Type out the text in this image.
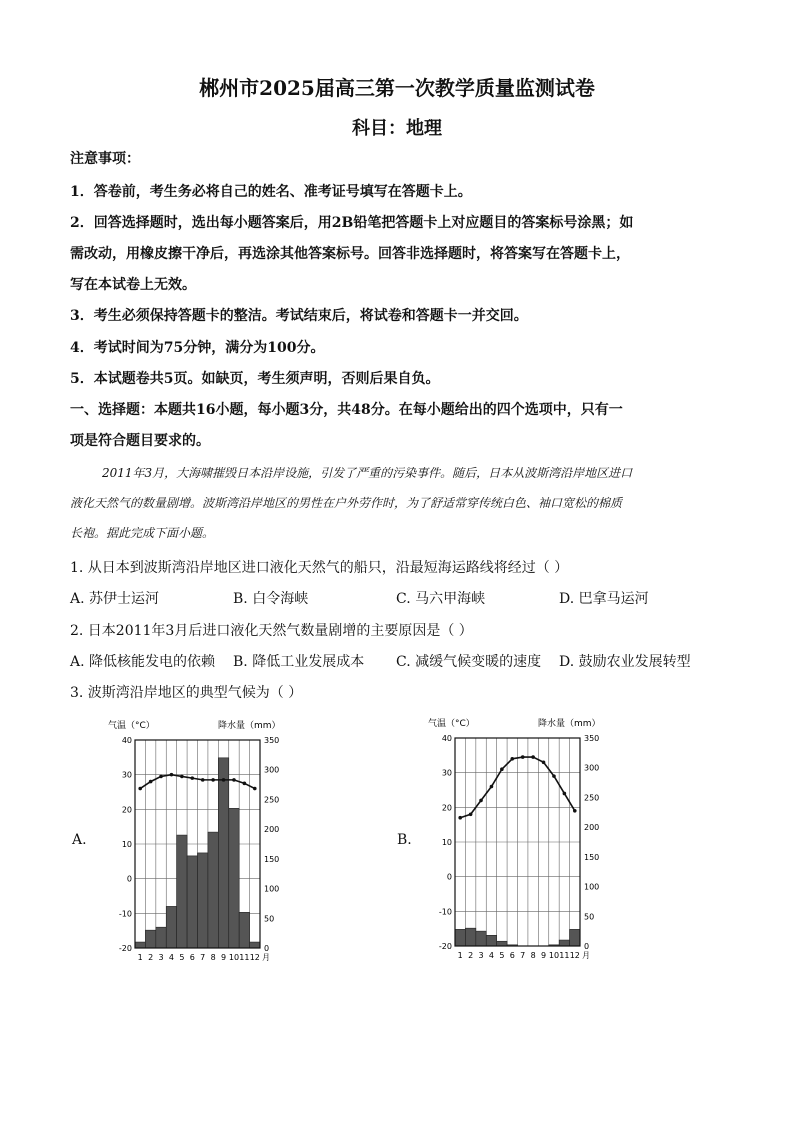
郴州市2025届高三第一次教学质量监测试卷
科目：地理
注意事项：
1．答卷前，考生务必将自己的姓名、准考证号填写在答题卡上。
2．回答选择题时，选出每小题答案后，用2B铅笔把答题卡上对应题目的答案标号涂黑；如
需改动，用橡皮擦干净后，再选涂其他答案标号。回答非选择题时，将答案写在答题卡上，
写在本试卷上无效。
3．考生必须保持答题卡的整洁。考试结束后，将试卷和答题卡一并交回。
4．考试时间为75分钟，满分为100分。
5．本试题卷共5页。如缺页，考生须声明，否则后果自负。
一、选择题：本题共16小题，每小题3分，共48分。在每小题给出的四个选项中，只有一
项是符合题目要求的。
2011年3月，大海啸摧毁日本沿岸设施，引发了严重的污染事件。随后，日本从波斯湾沿岸地区进口
液化天然气的数量剧增。波斯湾沿岸地区的男性在户外劳作时，为了舒适常穿传统白色、袖口宽松的棉质
长袍。据此完成下面小题。
1. 从日本到波斯湾沿岸地区进口液化天然气的船只，沿最短海运路线将经过（ ）
A. 苏伊士运河	B. 白令海峡	C. 马六甲海峡	D. 巴拿马运河
2. 日本2011年3月后进口液化天然气数量剧增的主要原因是（ ）
A. 降低核能发电的依赖 B. 降低工业发展成本 C. 减缓气候变暖的速度 D. 鼓励农业发展转型
3. 波斯湾沿岸地区的典型气候为（ ）
A.	B.
气温（°C）	降水量（mm）
40
30
20
10
0
-10
-20
350
300
250
200
150
100
50
0
1 2 3 4 5 6 7 8 9 10 11 12 月
气温（°C）	降水量（mm）
40
30
20
10
0
-10
-20
350
300
250
200
150
100
50
0
1 2 3 4 5 6 7 8 9 10 11 12 月
